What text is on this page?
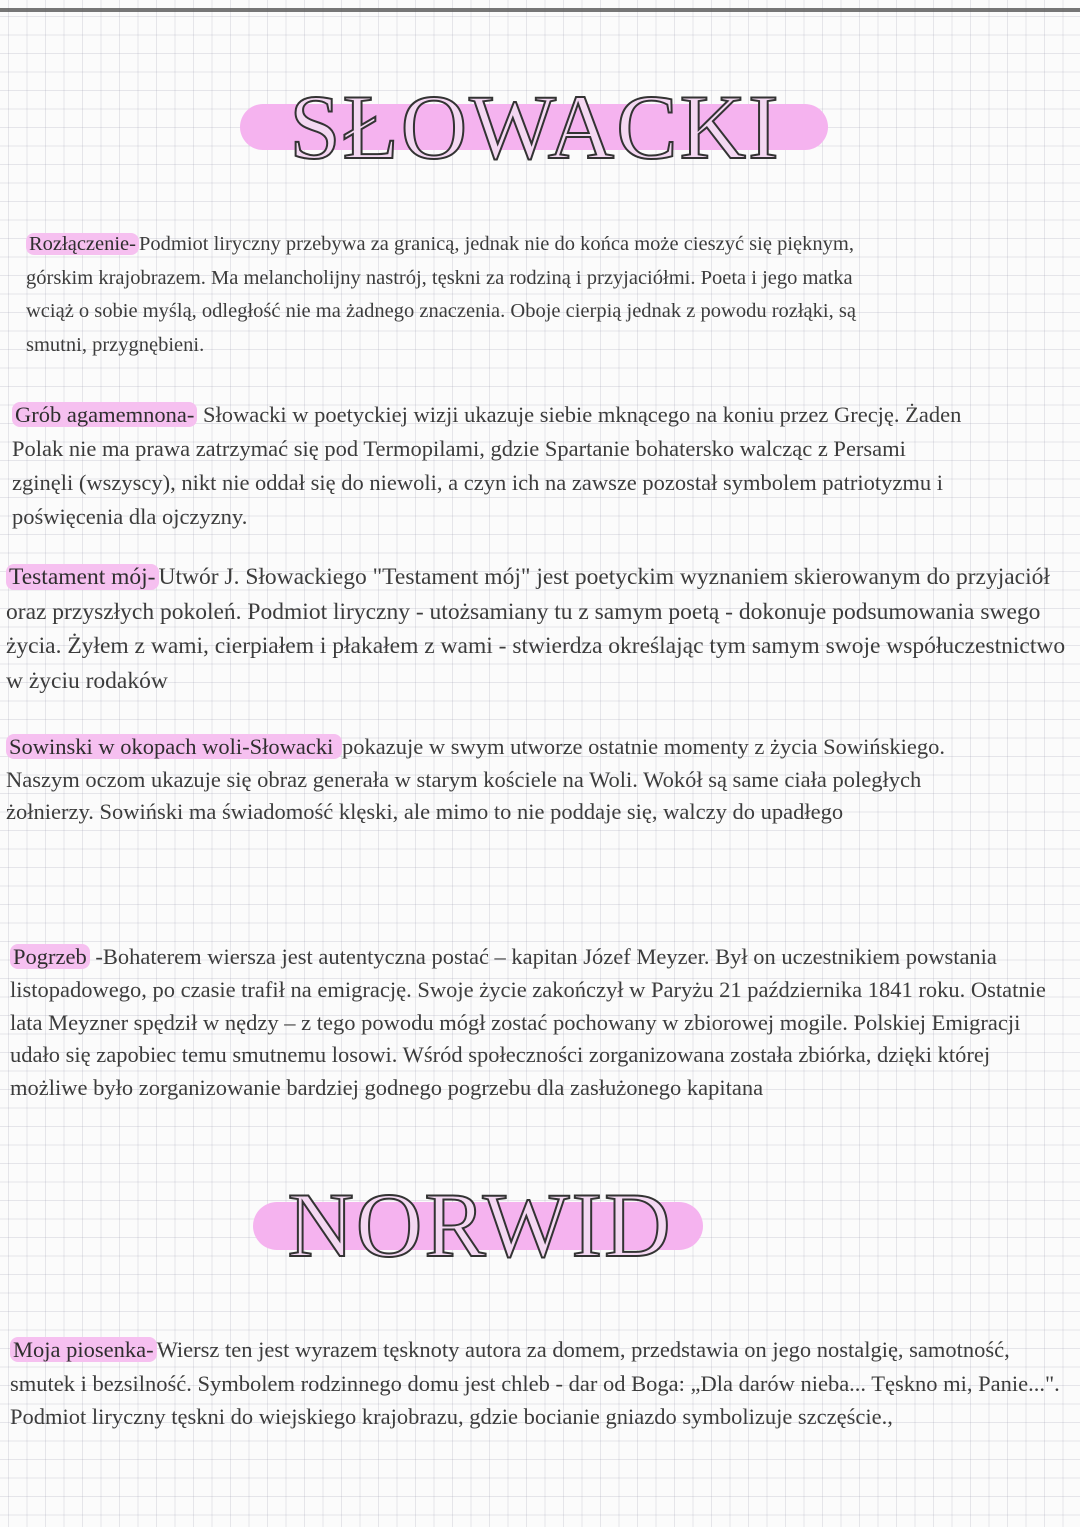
SŁOWACKI

Rozłączenie- Podmiot liryczny przebywa za granicą, jednak nie do końca może cieszyć się pięknym, górskim krajobrazem. Ma melancholijny nastrój, tęskni za rodziną i przyjaciółmi. Poeta i jego matka wciąż o sobie myślą, odległość nie ma żadnego znaczenia. Oboje cierpią jednak z powodu rozłąki, są smutni, przygnębieni.

Grób agamemnona- Słowacki w poetyckiej wizji ukazuje siebie mknącego na koniu przez Grecję. Żaden Polak nie ma prawa zatrzymać się pod Termopilami, gdzie Spartanie bohatersko walcząc z Persami zginęli (wszyscy), nikt nie oddał się do niewoli, a czyn ich na zawsze pozostał symbolem patriotyzmu i poświęcenia dla ojczyzny.

Testament mój- Utwór J. Słowackiego "Testament mój" jest poetyckim wyznaniem skierowanym do przyjaciół oraz przyszłych pokoleń. Podmiot liryczny - utożsamiany tu z samym poetą - dokonuje podsumowania swego życia. Żyłem z wami, cierpiałem i płakałem z wami - stwierdza określając tym samym swoje współuczestnictwo w życiu rodaków

Sowinski w okopach woli-Słowacki pokazuje w swym utworze ostatnie momenty z życia Sowińskiego. Naszym oczom ukazuje się obraz generała w starym kościele na Woli. Wokół są same ciała poległych żołnierzy. Sowiński ma świadomość klęski, ale mimo to nie poddaje się, walczy do upadłego

Pogrzeb -Bohaterem wiersza jest autentyczna postać – kapitan Józef Meyzer. Był on uczestnikiem powstania listopadowego, po czasie trafił na emigrację. Swoje życie zakończył w Paryżu 21 października 1841 roku. Ostatnie lata Meyzner spędził w nędzy – z tego powodu mógł zostać pochowany w zbiorowej mogile. Polskiej Emigracji udało się zapobiec temu smutnemu losowi. Wśród społeczności zorganizowana została zbiórka, dzięki której możliwe było zorganizowanie bardziej godnego pogrzebu dla zasłużonego kapitana

NORWID

Moja piosenka- Wiersz ten jest wyrazem tęsknoty autora za domem, przedstawia on jego nostalgię, samotność, smutek i bezsilność. Symbolem rodzinnego domu jest chleb - dar od Boga: „Dla darów nieba... Tęskno mi, Panie...". Podmiot liryczny tęskni do wiejskiego krajobrazu, gdzie bocianie gniazdo symbolizuje szczęście.,
